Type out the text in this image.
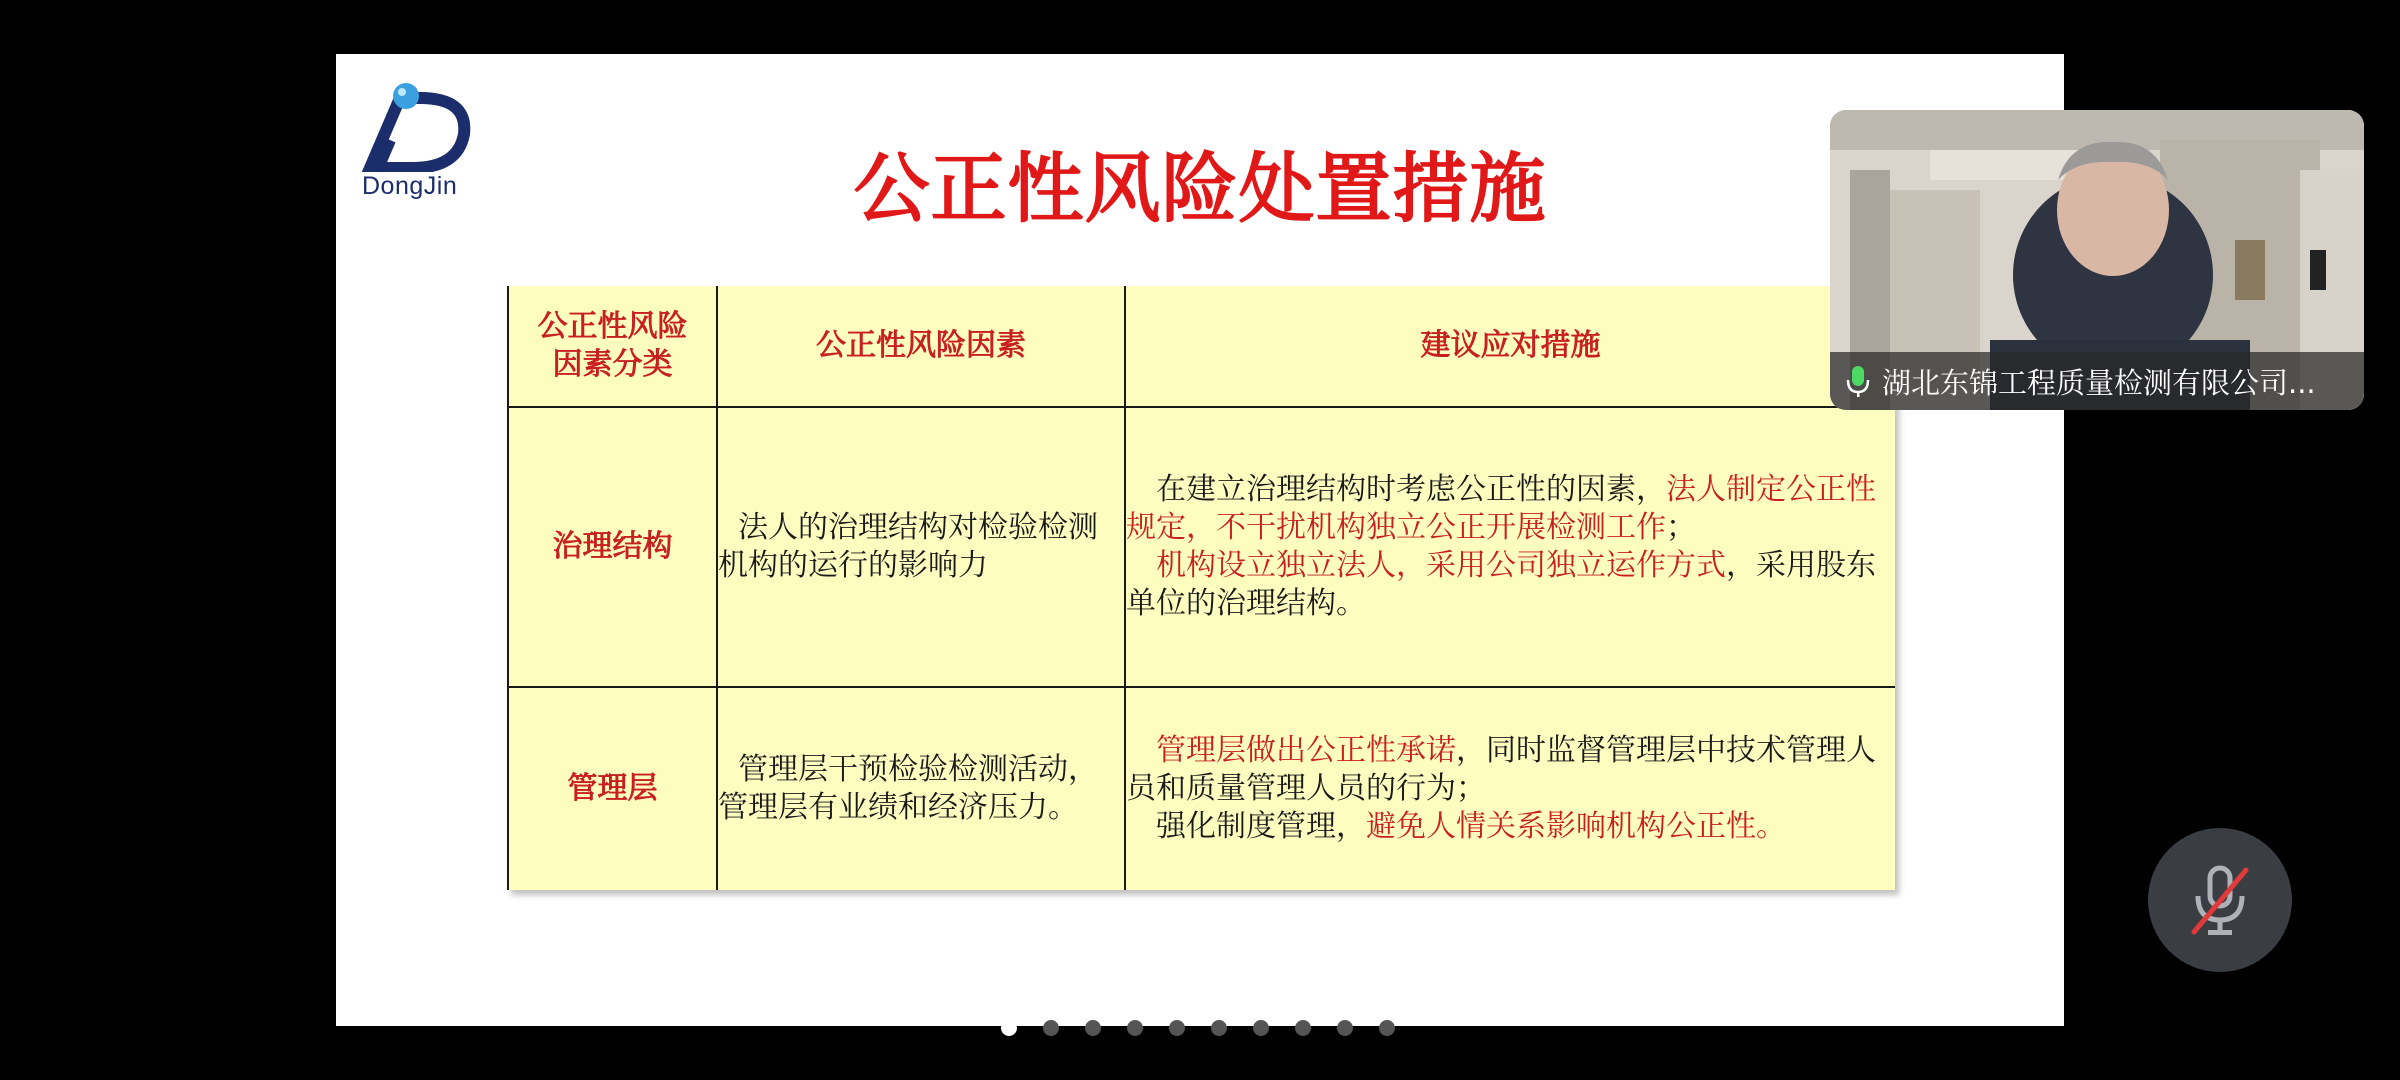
DongJin	公正性风险处置措施
公正性风险
因素分类
公正性风险因素	建议应对措施
治理结构
法人的治理结构对检验检测
机构的运行的影响力
在建立治理结构时考虑公正性的因素，法人制定公正性规定，不干扰机构独立公正开展检测工作；
机构设立独立法人，采用公司独立运作方式，采用股东单位的治理结构。
管理层
管理层干预检验检测活动，
管理层有业绩和经济压力。
管理层做出公正性承诺，同时监督管理层中技术管理人员和质量管理人员的行为；
强化制度管理，避免人情关系影响机构公正性。
湖北东锦工程质量检测有限公司...
